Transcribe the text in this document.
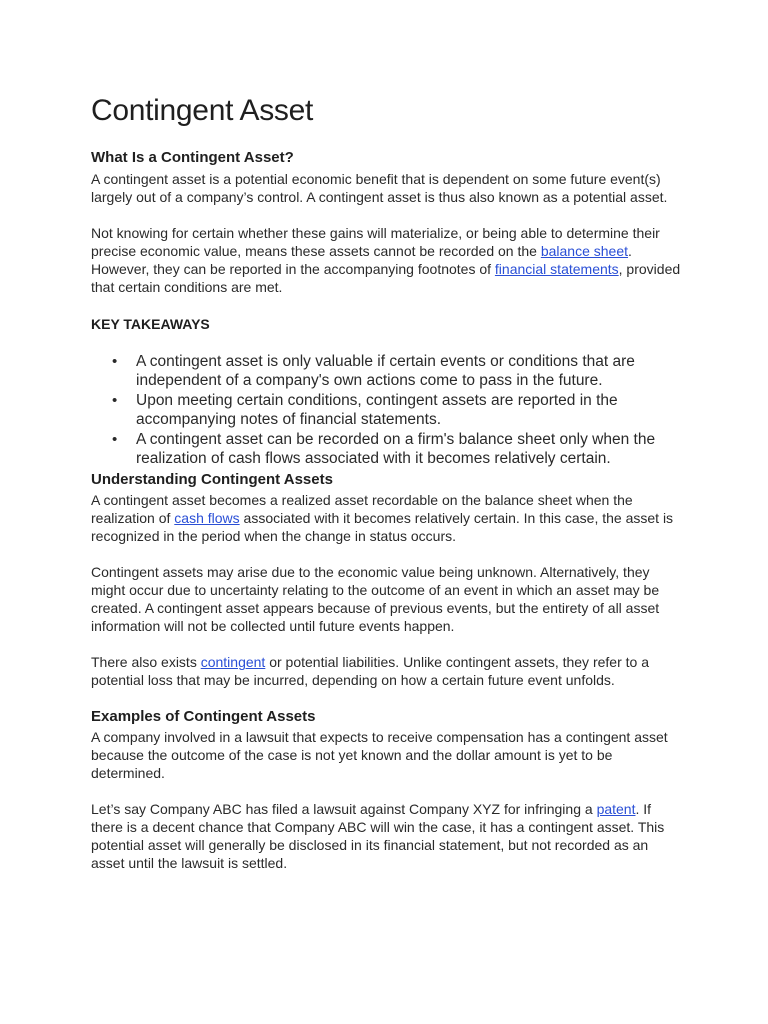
Contingent Asset
What Is a Contingent Asset?

A contingent asset is a potential economic benefit that is dependent on some future event(s) largely out of a company’s control. A contingent asset is thus also known as a potential asset.

Not knowing for certain whether these gains will materialize, or being able to determine their precise economic value, means these assets cannot be recorded on the balance sheet. However, they can be reported in the accompanying footnotes of financial statements, provided that certain conditions are met.

KEY TAKEAWAYS
• A contingent asset is only valuable if certain events or conditions that are independent of a company's own actions come to pass in the future.
• Upon meeting certain conditions, contingent assets are reported in the accompanying notes of financial statements.
• A contingent asset can be recorded on a firm's balance sheet only when the realization of cash flows associated with it becomes relatively certain.
Understanding Contingent Assets

A contingent asset becomes a realized asset recordable on the balance sheet when the realization of cash flows associated with it becomes relatively certain. In this case, the asset is recognized in the period when the change in status occurs.

Contingent assets may arise due to the economic value being unknown. Alternatively, they might occur due to uncertainty relating to the outcome of an event in which an asset may be created. A contingent asset appears because of previous events, but the entirety of all asset information will not be collected until future events happen.

There also exists contingent or potential liabilities. Unlike contingent assets, they refer to a potential loss that may be incurred, depending on how a certain future event unfolds.

Examples of Contingent Assets

A company involved in a lawsuit that expects to receive compensation has a contingent asset because the outcome of the case is not yet known and the dollar amount is yet to be determined.

Let’s say Company ABC has filed a lawsuit against Company XYZ for infringing a patent. If there is a decent chance that Company ABC will win the case, it has a contingent asset. This potential asset will generally be disclosed in its financial statement, but not recorded as an asset until the lawsuit is settled.
